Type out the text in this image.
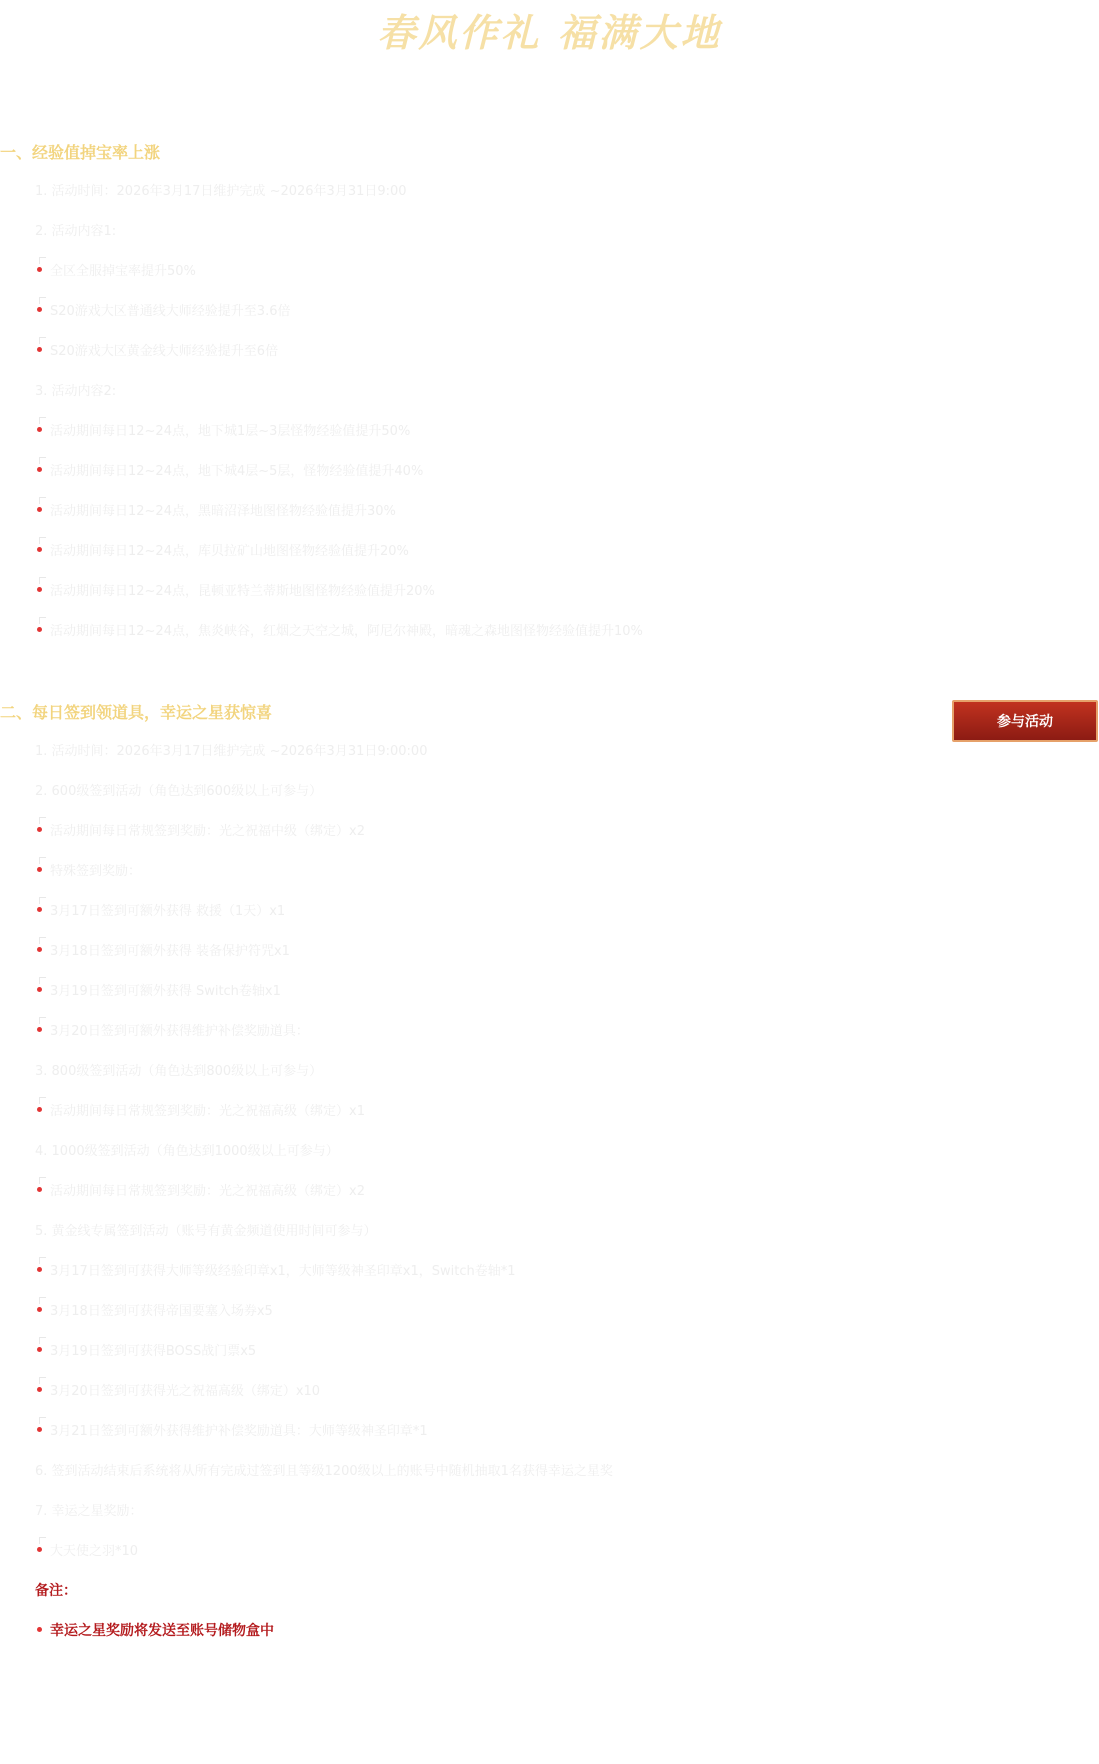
春风作礼 福满大地
一、经验值掉宝率上涨
1. 活动时间：2026年3月17日维护完成 ~2026年3月31日9:00
2. 活动内容1:
全区全服掉宝率提升50%
S20游戏大区普通线大师经验提升至3.6倍
S20游戏大区黄金线大师经验提升至6倍
3. 活动内容2:
活动期间每日12~24点，地下城1层~3层怪物经验值提升50%
活动期间每日12~24点，地下城4层~5层，怪物经验值提升40%
活动期间每日12~24点，黑暗沼泽地图怪物经验值提升30%
活动期间每日12~24点，库贝拉矿山地图怪物经验值提升20%
活动期间每日12~24点，昆顿亚特兰蒂斯地图怪物经验值提升20%
活动期间每日12~24点，焦炎峡谷，红烟之天空之城，阿尼尔神殿，暗魂之森地图怪物经验值提升10%
二、每日签到领道具，幸运之星获惊喜
1. 活动时间：2026年3月17日维护完成 ~2026年3月31日9:00:00
2. 600级签到活动（角色达到600级以上可参与）
活动期间每日常规签到奖励：光之祝福中级（绑定）x2
特殊签到奖励：
3月17日签到可额外获得 救援（1天）x1
3月18日签到可额外获得 装备保护符咒x1
3月19日签到可额外获得 Switch卷轴x1
3月20日签到可额外获得维护补偿奖励道具：
3. 800级签到活动（角色达到800级以上可参与）
活动期间每日常规签到奖励：光之祝福高级（绑定）x1
4. 1000级签到活动（角色达到1000级以上可参与）
活动期间每日常规签到奖励：光之祝福高级（绑定）x2
5. 黄金线专属签到活动（账号有黄金频道使用时间可参与）
3月17日签到可获得大师等级经验印章x1，大师等级神圣印章x1，Switch卷轴*1
3月18日签到可获得帝国要塞入场券x5
3月19日签到可获得BOSS战门票x5
3月20日签到可获得光之祝福高级（绑定）x10
3月21日签到可额外获得维护补偿奖励道具：大师等级神圣印章*1
6. 签到活动结束后系统将从所有完成过签到且等级1200级以上的账号中随机抽取1名获得幸运之星奖
7. 幸运之星奖励：
大天使之羽*10
备注：
幸运之星奖励将发送至账号储物盒中
参与活动
